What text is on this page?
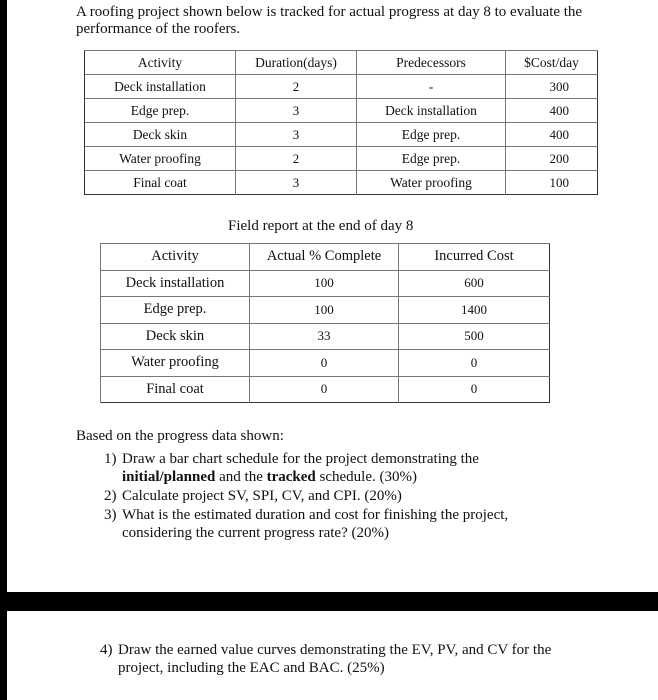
A roofing project shown below is tracked for actual progress at day 8 to evaluate the performance of the roofers.
Activity	Duration(days)	Predecessors	$Cost/day
Deck installation	2	-	300
Edge prep.	3	Deck installation	400
Deck skin	3	Edge prep.	400
Water proofing	2	Edge prep.	200
Final coat	3	Water proofing	100
Field report at the end of day 8
Activity	Actual % Complete	Incurred Cost
Deck installation	100	600
Edge prep.	100	1400
Deck skin	33	500
Water proofing	0	0
Final coat	0	0
Based on the progress data shown:
1) Draw a bar chart schedule for the project demonstrating the initial/planned and the tracked schedule. (30%)
2) Calculate project SV, SPI, CV, and CPI. (20%)
3) What is the estimated duration and cost for finishing the project, considering the current progress rate? (20%)
4) Draw the earned value curves demonstrating the EV, PV, and CV for the project, including the EAC and BAC. (25%)
